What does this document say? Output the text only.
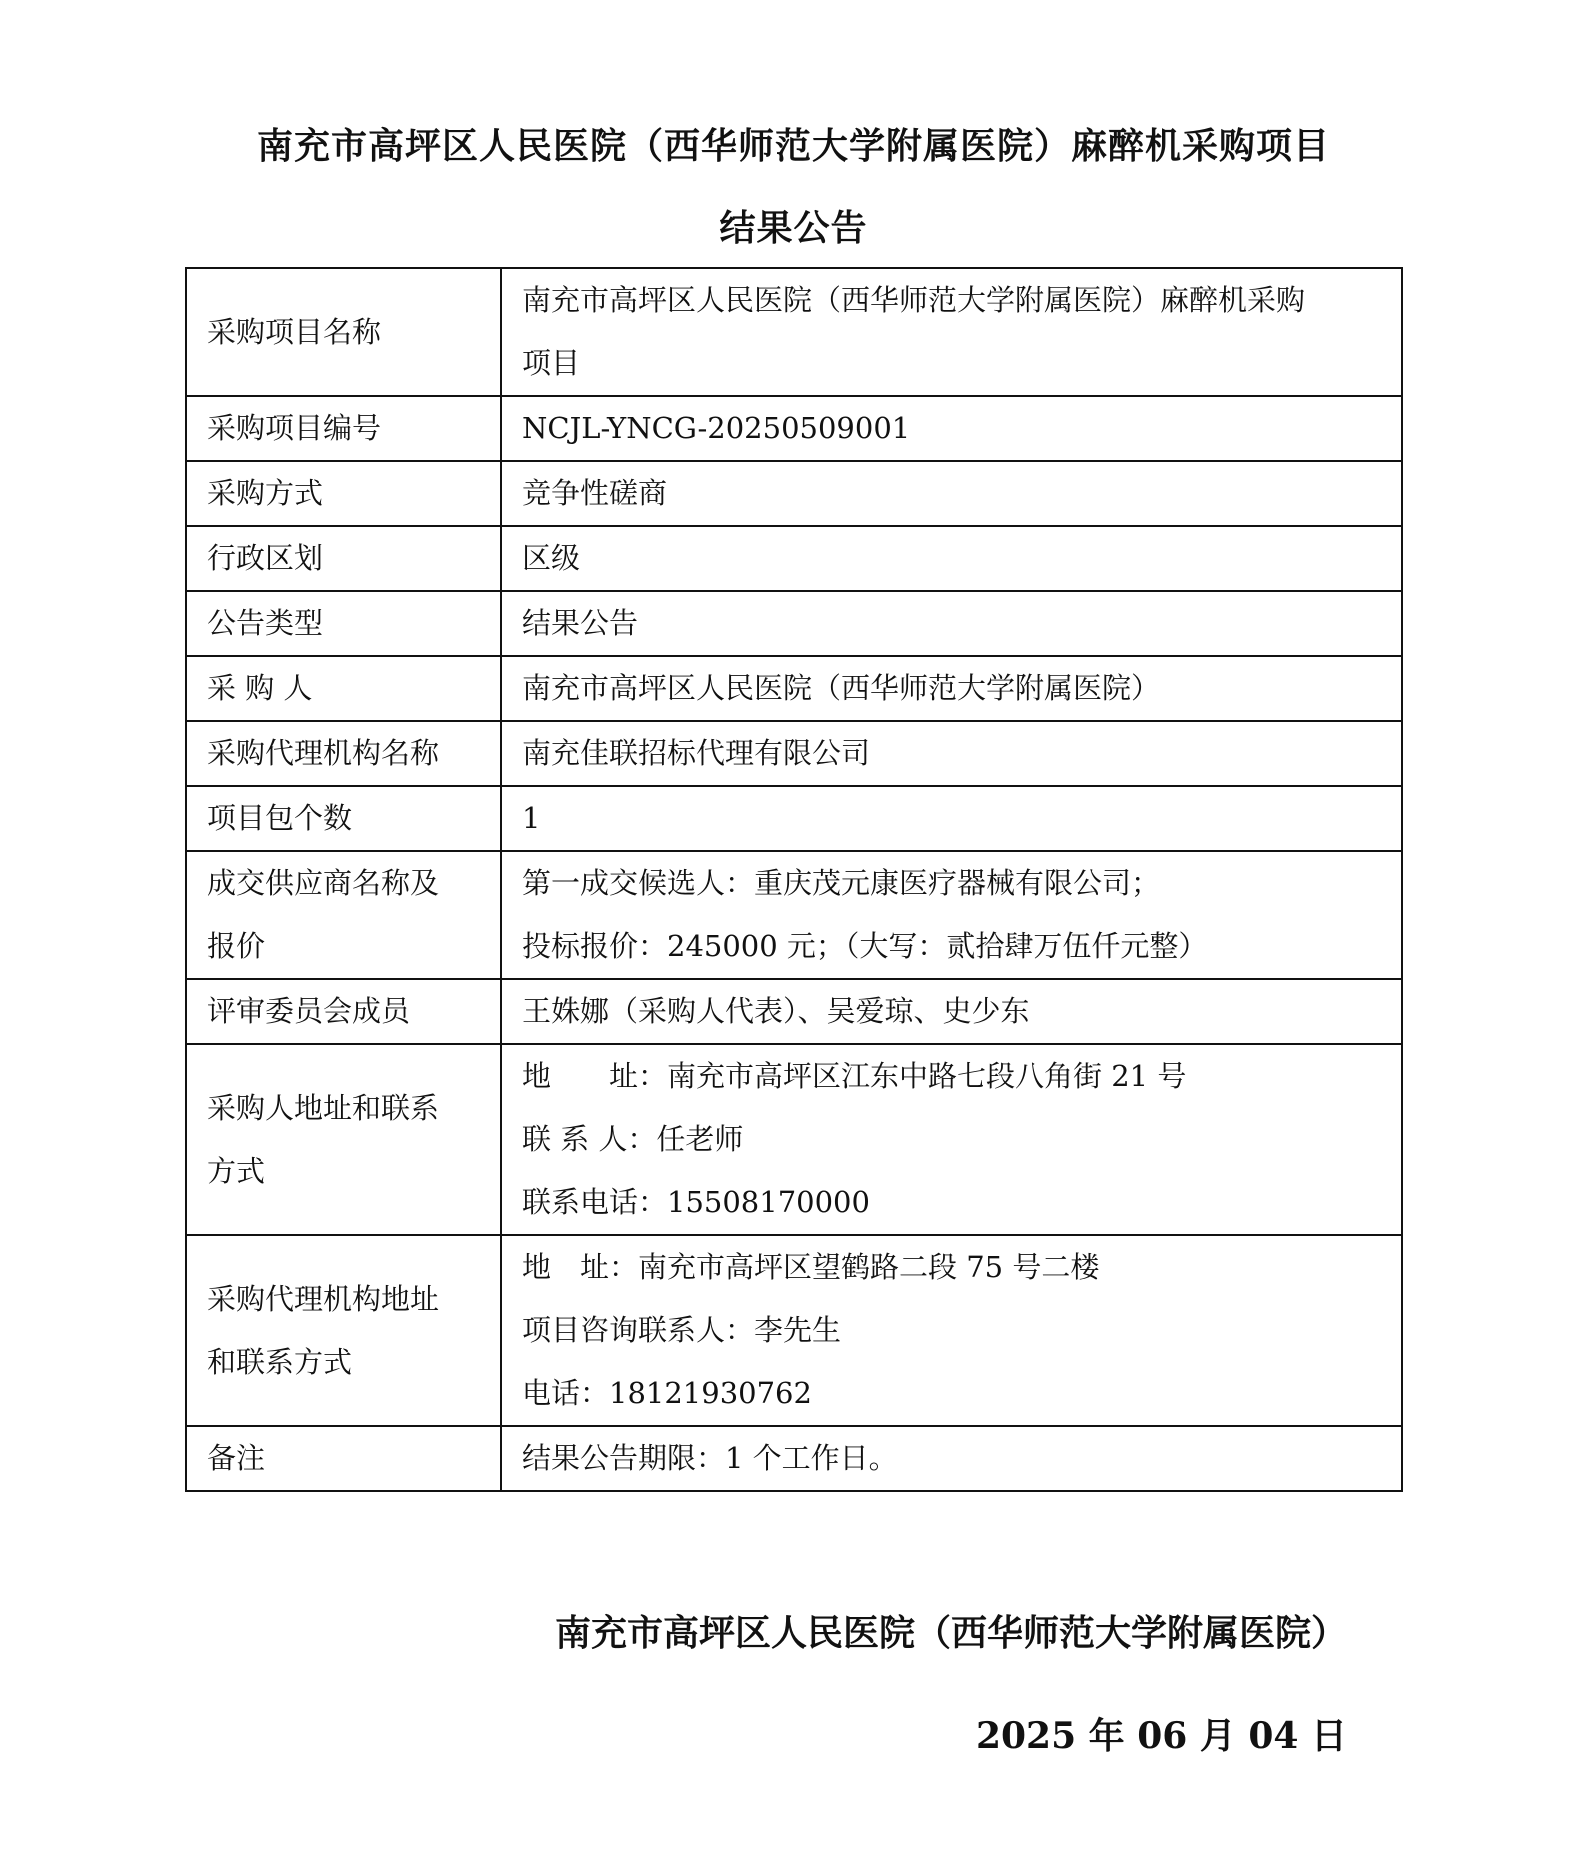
南充市高坪区人民医院（西华师范大学附属医院）麻醉机采购项目
结果公告
采购项目名称	南充市高坪区人民医院（西华师范大学附属医院）麻醉机采购
项目

采购项目编号	NCJL-YNCG-20250509001
采购方式	竞争性磋商
行政区划	区级
公告类型	结果公告
采 购 人	南充市高坪区人民医院（西华师范大学附属医院）
采购代理机构名称	南充佳联招标代理有限公司
项目包个数	1

成交供应商名称及
报价	第一成交候选人：重庆茂元康医疗器械有限公司；
投标报价：245000 元；（大写：贰拾肆万伍仟元整）

评审委员会成员	王姝娜（采购人代表）、吴爱琼、史少东

采购人地址和联系
方式	地　　址：南充市高坪区江东中路七段八角街 21 号
联 系 人：任老师
联系电话：15508170000

采购代理机构地址
和联系方式	地　址：南充市高坪区望鹤路二段 75 号二楼
项目咨询联系人：李先生
电话：18121930762

备注	结果公告期限：1 个工作日。
南充市高坪区人民医院（西华师范大学附属医院）
2025 年 06 月 04 日
